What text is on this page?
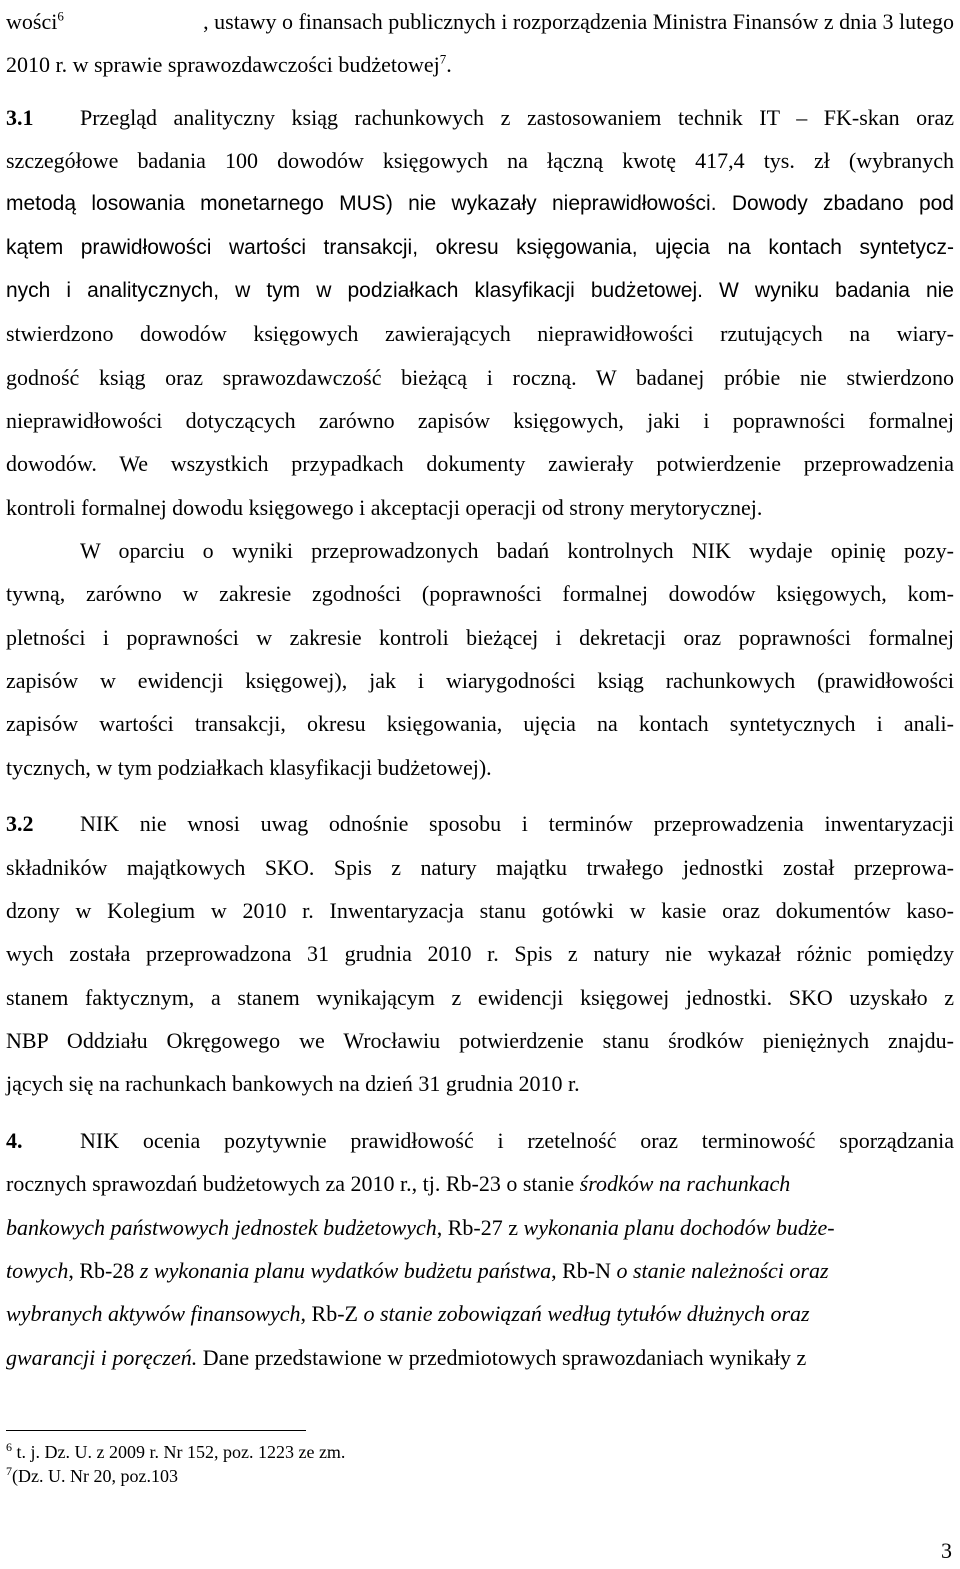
wości$^6$	, ustawy o finansach publicznych i rozporządzenia Ministra Finansów z dnia 3 lutego
2010 r. w sprawie sprawozdawczości budżetowej$^7$.
3.1 Przegląd analityczny ksiąg rachunkowych z zastosowaniem technik IT – FK-skan oraz
szczegółowe badania 100 dowodów księgowych na łączną kwotę 417,4 tys. zł (wybranych
metodą losowania monetarnego MUS) nie wykazały nieprawidłowości. Dowody zbadano pod
kątem prawidłowości wartości transakcji, okresu księgowania, ujęcia na kontach syntetycz-
nych i analitycznych, w tym w podziałkach klasyfikacji budżetowej. W wyniku badania nie
stwierdzono dowodów księgowych zawierających nieprawidłowości rzutujących na wiary-
godność ksiąg oraz sprawozdawczość bieżącą i roczną. W badanej próbie nie stwierdzono
nieprawidłowości dotyczących zarówno zapisów księgowych, jaki i poprawności formalnej
dowodów. We wszystkich przypadkach dokumenty zawierały potwierdzenie przeprowadzenia
kontroli formalnej dowodu księgowego i akceptacji operacji od strony merytorycznej.
W oparciu o wyniki przeprowadzonych badań kontrolnych NIK wydaje opinię pozy-
tywną, zarówno w zakresie zgodności (poprawności formalnej dowodów księgowych, kom-
pletności i poprawności w zakresie kontroli bieżącej i dekretacji oraz poprawności formalnej
zapisów w ewidencji księgowej), jak i wiarygodności ksiąg rachunkowych (prawidłowości
zapisów wartości transakcji, okresu księgowania, ujęcia na kontach syntetycznych i anali-
tycznych, w tym podziałkach klasyfikacji budżetowej).
3.2 NIK nie wnosi uwag odnośnie sposobu i terminów przeprowadzenia inwentaryzacji
składników majątkowych SKO. Spis z natury majątku trwałego jednostki został przeprowa-
dzony w Kolegium w 2010 r. Inwentaryzacja stanu gotówki w kasie oraz dokumentów kaso-
wych została przeprowadzona 31 grudnia 2010 r. Spis z natury nie wykazał różnic pomiędzy
stanem faktycznym, a stanem wynikającym z ewidencji księgowej jednostki. SKO uzyskało z
NBP Oddziału Okręgowego we Wrocławiu potwierdzenie stanu środków pieniężnych znajdu-
jących się na rachunkach bankowych na dzień 31 grudnia 2010 r.
4.	NIK ocenia pozytywnie prawidłowość i rzetelność oraz terminowość sporządzania
rocznych sprawozdań budżetowych za 2010 r., tj. Rb-23 o stanie środków na rachunkach
bankowych państwowych jednostek budżetowych, Rb-27 z wykonania planu dochodów budże-
towych, Rb-28 z wykonania planu wydatków budżetu państwa, Rb-N o stanie należności oraz
wybranych aktywów finansowych, Rb-Z o stanie zobowiązań według tytułów dłużnych oraz
gwarancji i poręczeń. Dane przedstawione w przedmiotowych sprawozdaniach wynikały z
$^6$ t. j. Dz. U. z 2009 r. Nr 152, poz. 1223 ze zm.
$^7$(Dz. U. Nr 20, poz.103
3
